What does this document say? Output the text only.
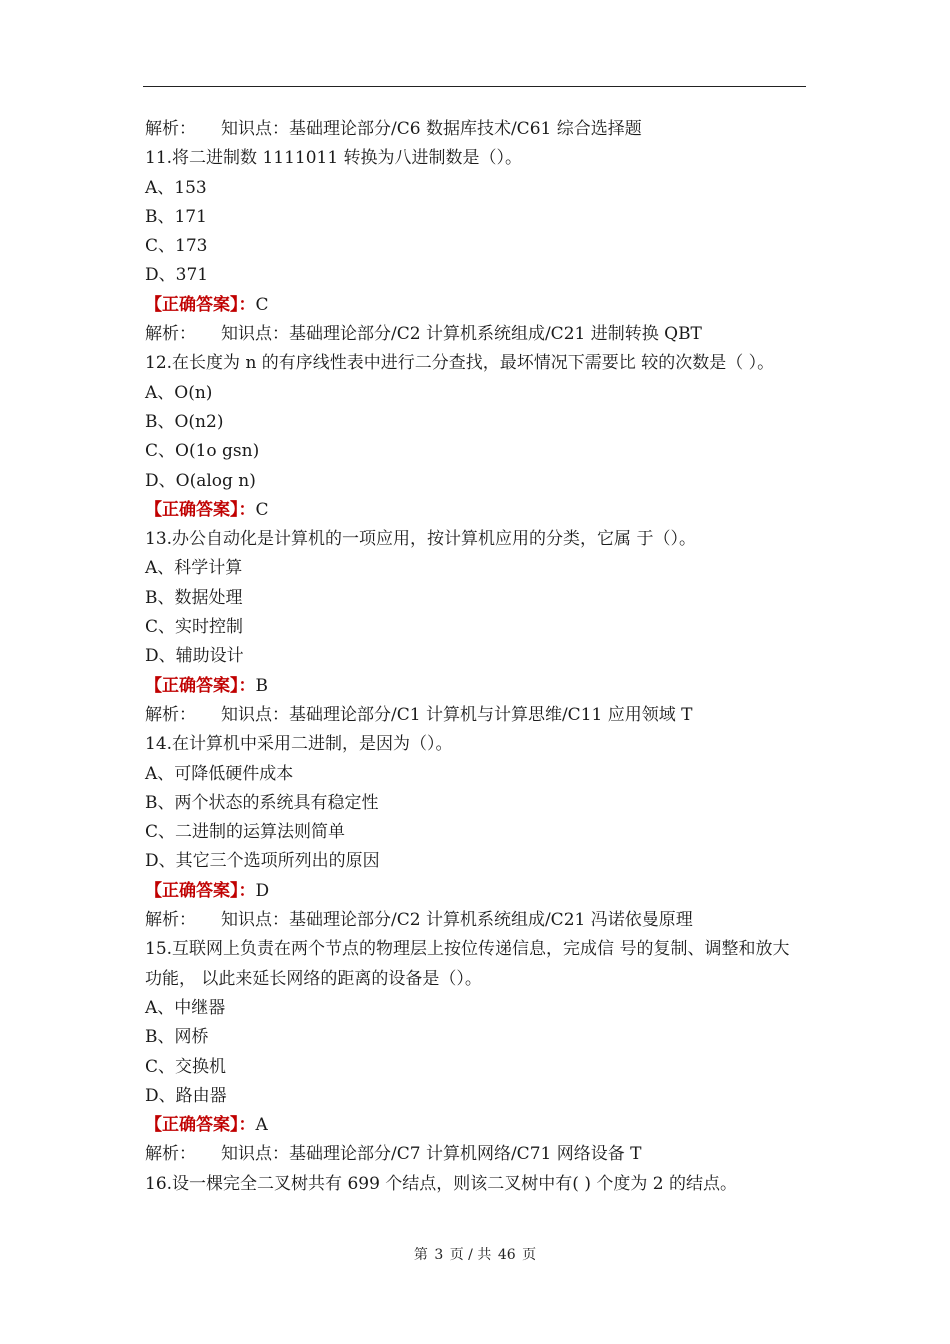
解析： 知识点：基础理论部分/C6 数据库技术/C61 综合选择题
11.将二进制数 1111011 转换为八进制数是（）。
A、153
B、171
C、173
D、371
【正确答案】：C
解析： 知识点：基础理论部分/C2 计算机系统组成/C21 进制转换 QBT
12.在长度为 n 的有序线性表中进行二分查找，最坏情况下需要比 较的次数是（ ）。
A、O(n)
B、O(n2)
C、O(1o gsn)
D、O(alog n)
【正确答案】：C
13.办公自动化是计算机的一项应用，按计算机应用的分类，它属 于（）。
A、科学计算
B、数据处理
C、实时控制
D、辅助设计
【正确答案】：B
解析： 知识点：基础理论部分/C1 计算机与计算思维/C11 应用领域 T
14.在计算机中采用二进制，是因为（）。
A、可降低硬件成本
B、两个状态的系统具有稳定性
C、二进制的运算法则简单
D、其它三个选项所列出的原因
【正确答案】：D
解析： 知识点：基础理论部分/C2 计算机系统组成/C21 冯诺依曼原理
15.互联网上负责在两个节点的物理层上按位传递信息，完成信 号的复制、调整和放大功能， 以此来延长网络的距离的设备是（）。
A、中继器
B、网桥
C、交换机
D、路由器
【正确答案】：A
解析： 知识点：基础理论部分/C7 计算机网络/C71 网络设备 T
16.设一棵完全二叉树共有 699 个结点，则该二叉树中有( ) 个度为 2 的结点。
第 3 页 / 共 46 页
